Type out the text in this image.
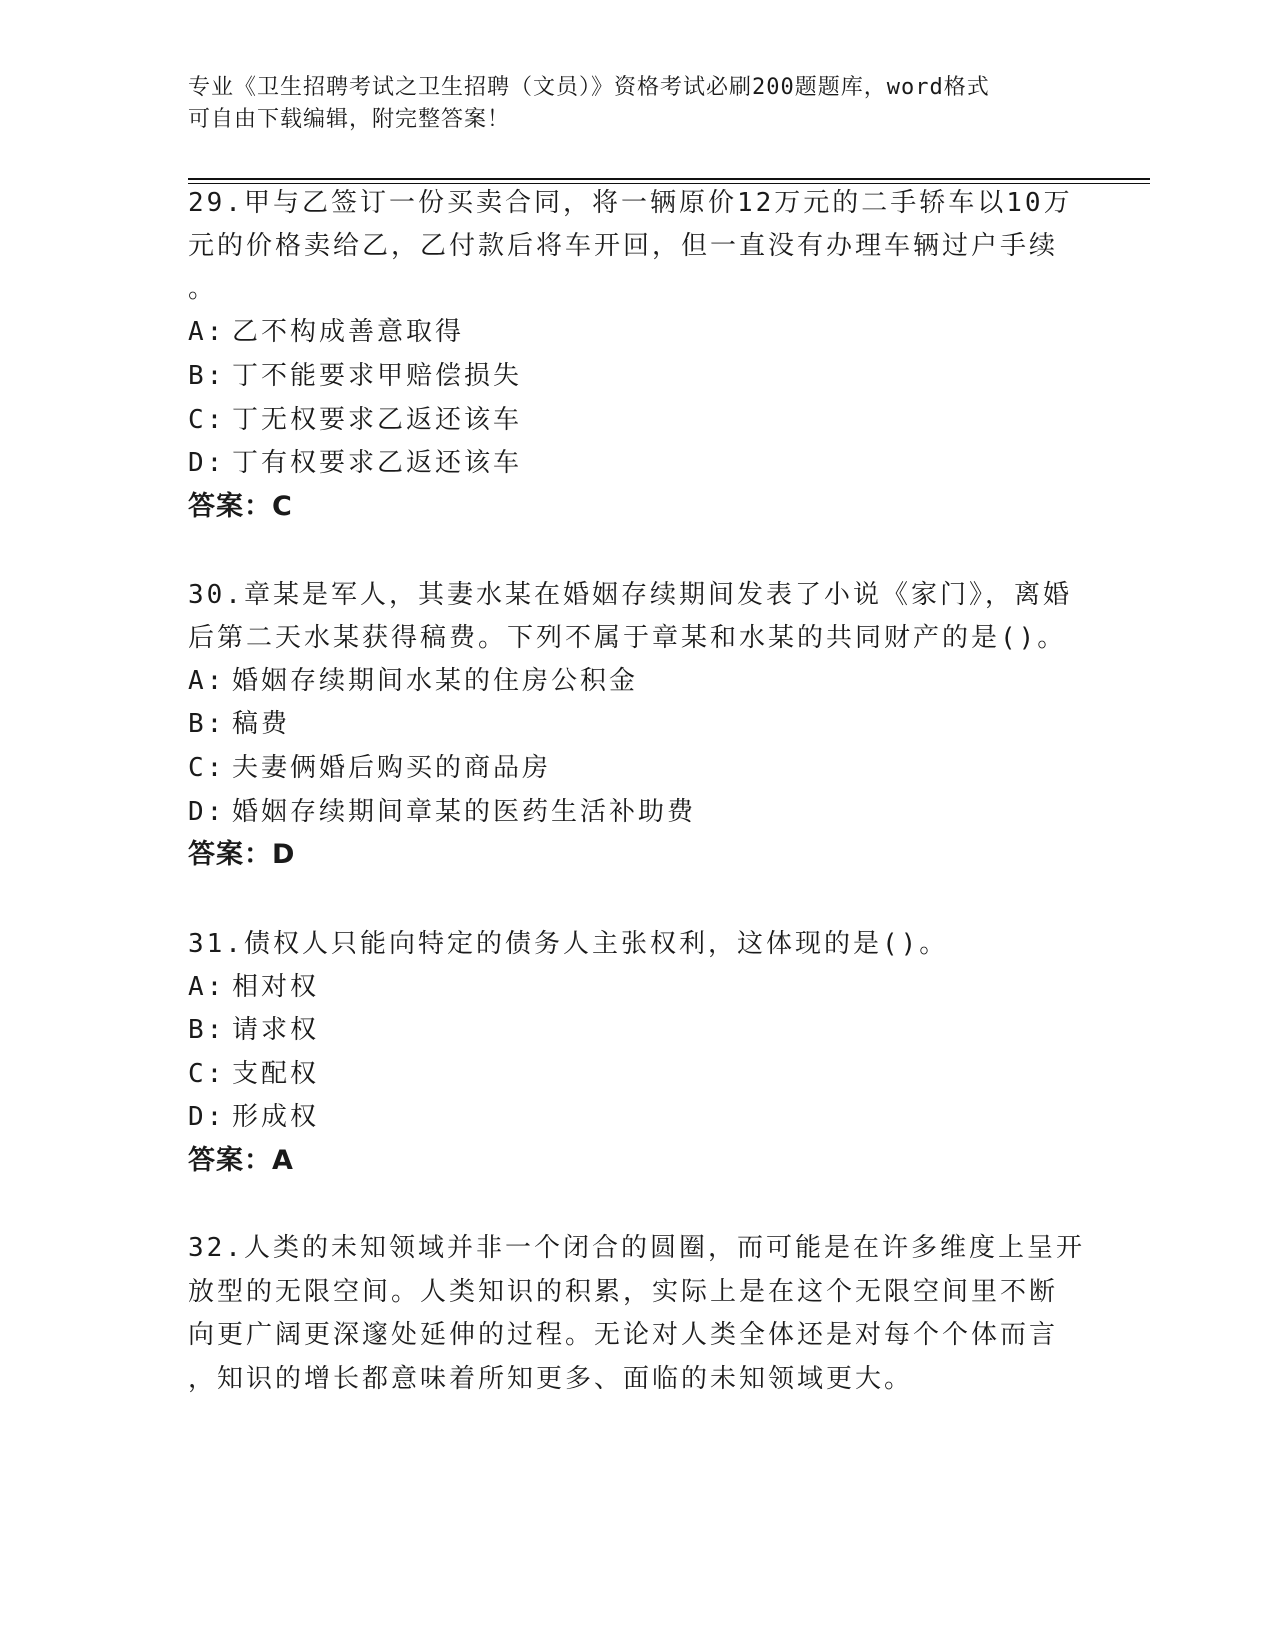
专业《卫生招聘考试之卫生招聘（文员）》资格考试必刷200题题库，word格式
可自由下载编辑，附完整答案！
29.甲与乙签订一份买卖合同，将一辆原价12万元的二手轿车以10万
元的价格卖给乙，乙付款后将车开回，但一直没有办理车辆过户手续
。
A: 乙不构成善意取得
B: 丁不能要求甲赔偿损失
C: 丁无权要求乙返还该车
D: 丁有权要求乙返还该车
答案：C
30.章某是军人，其妻水某在婚姻存续期间发表了小说《家门》，离婚
后第二天水某获得稿费。下列不属于章某和水某的共同财产的是()。
A: 婚姻存续期间水某的住房公积金
B: 稿费
C: 夫妻俩婚后购买的商品房
D: 婚姻存续期间章某的医药生活补助费
答案：D
31.债权人只能向特定的债务人主张权利，这体现的是()。
A: 相对权
B: 请求权
C: 支配权
D: 形成权
答案：A
32.人类的未知领域并非一个闭合的圆圈，而可能是在许多维度上呈开
放型的无限空间。人类知识的积累，实际上是在这个无限空间里不断
向更广阔更深邃处延伸的过程。无论对人类全体还是对每个个体而言
，知识的增长都意味着所知更多、面临的未知领域更大。
